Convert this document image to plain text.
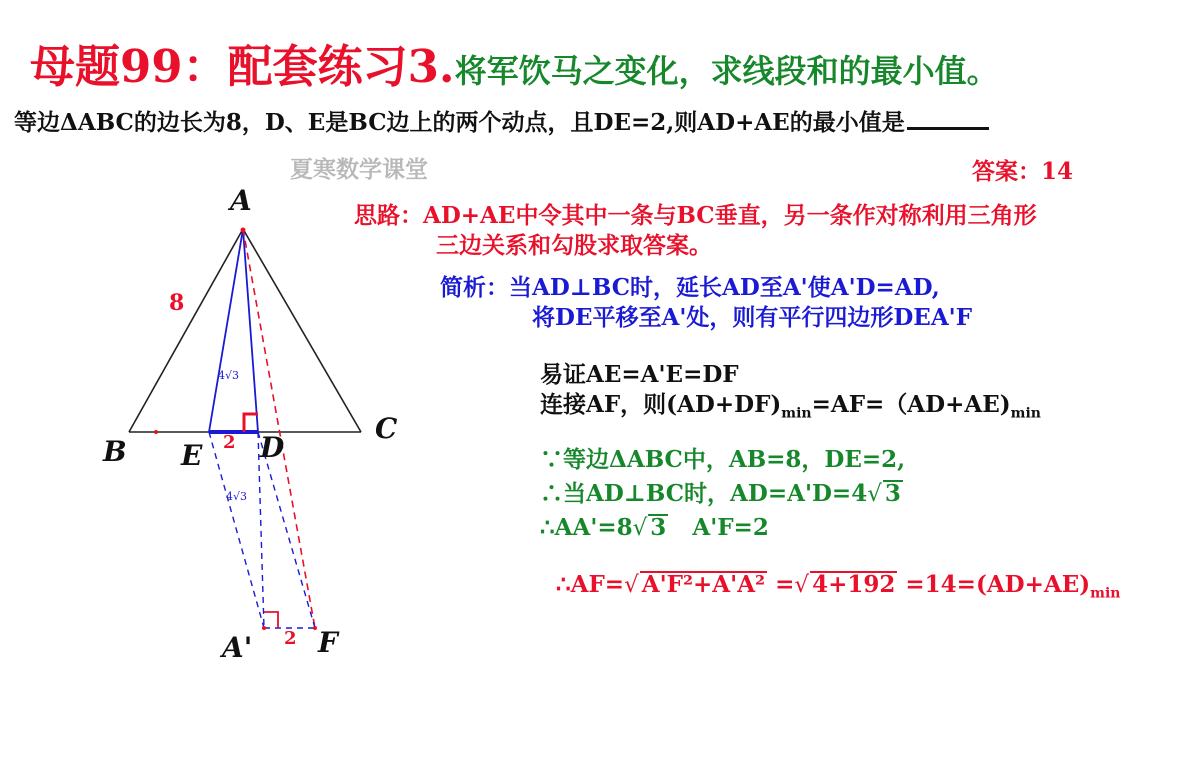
母题99：配套练习3.将军饮马之变化，求线段和的最小值。
等边ΔABC的边长为8，D、E是BC边上的两个动点，且DE=2,则AD+AE的最小值是
夏寒数学课堂	答案：14
思路：AD+AE中令其中一条与BC垂直，另一条作对称利用三角形
三边关系和勾股求取答案。
简析：当AD⊥BC时，延长AD至A'使A'D=AD,
将DE平移至A'处，则有平行四边形DEA'F
易证AE=A'E=DF
连接AF，则$(AD+DF)_{min}=AF=(AD+AE)_{min}$
∵等边ΔABC中，AB=8，DE=2,
∴当AD⊥BC时，AD=A'D=4√ 3
∴AA'=8√ 3 A'F=2
∴AF=√ A'F²+A'A² =√ $4+192 =14=(AD+AE)_{min}$
A
B
C
D
E
A' F
8
2
2
4√3
4√3
